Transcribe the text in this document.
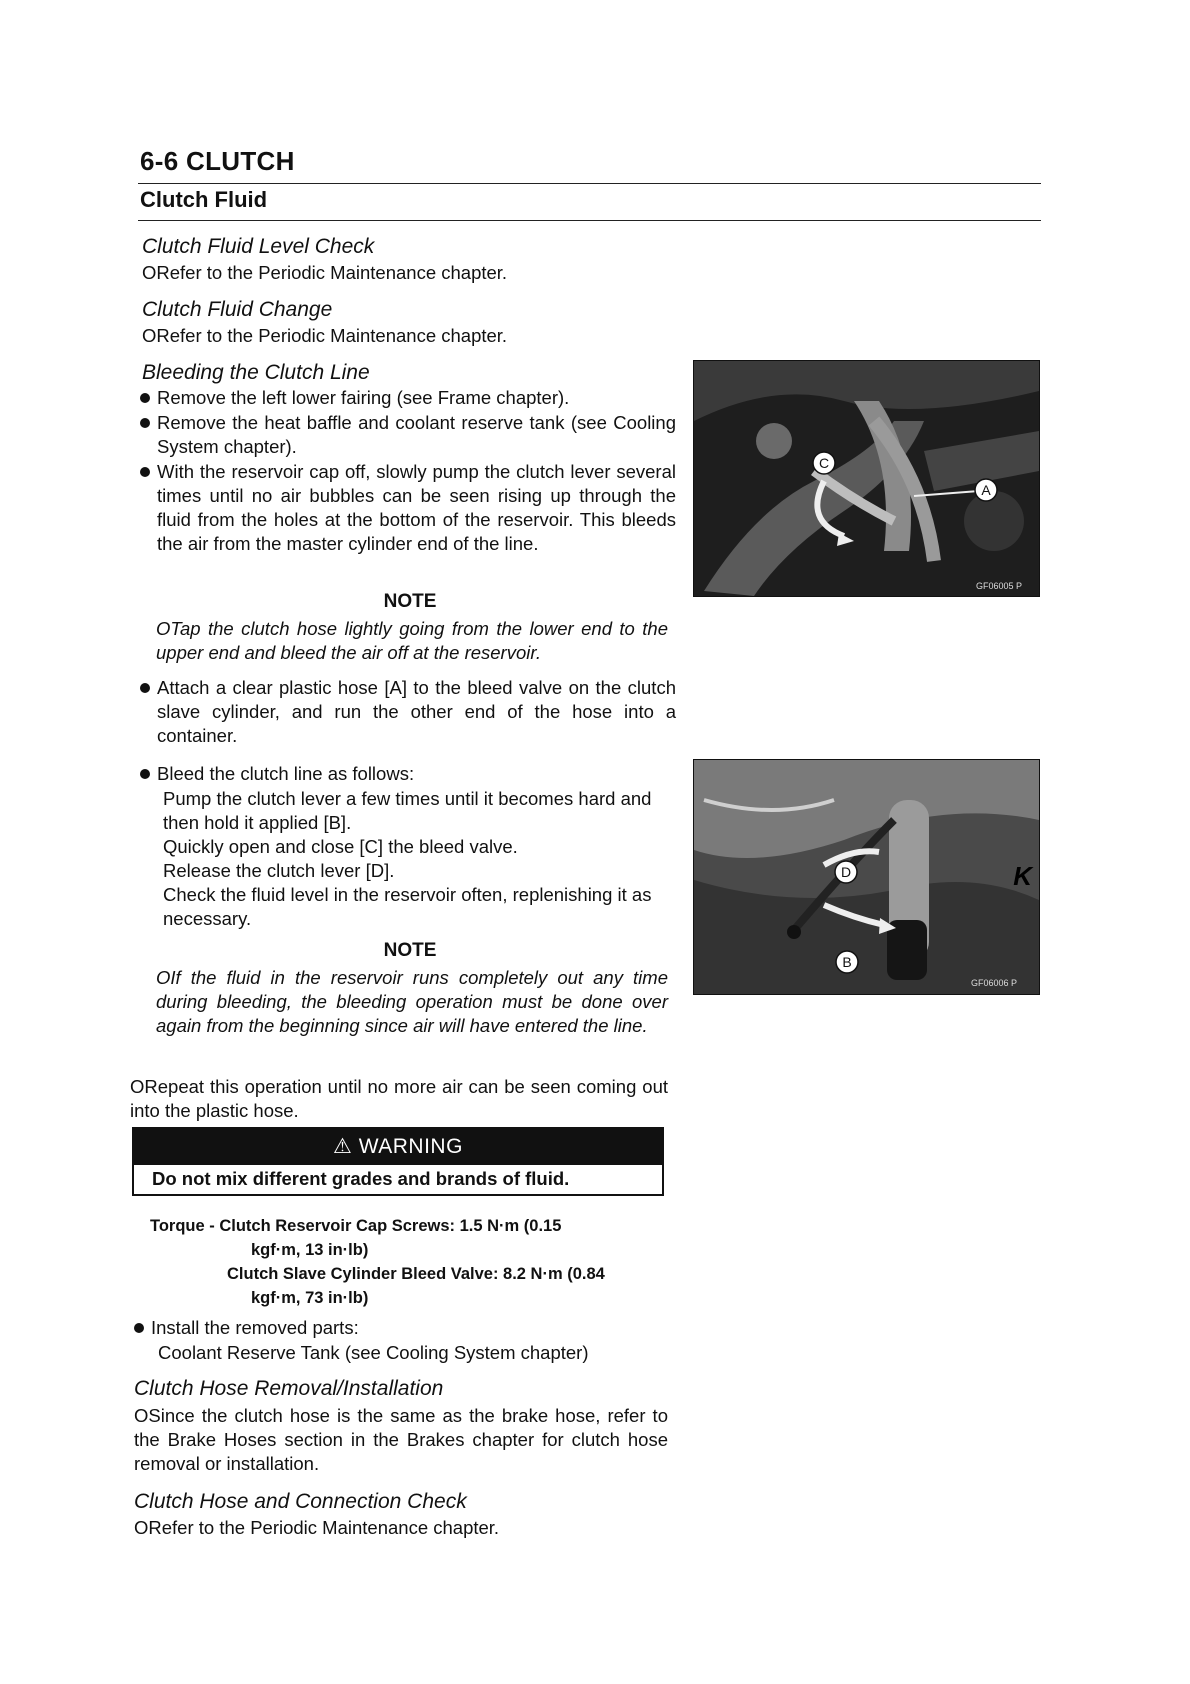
6-6 CLUTCH
Clutch Fluid
Clutch Fluid Level Check
ORefer to the Periodic Maintenance chapter.
Clutch Fluid Change
ORefer to the Periodic Maintenance chapter.
Bleeding the Clutch Line
Remove the left lower fairing (see Frame chapter).
Remove the heat baffle and coolant reserve tank (see Cooling System chapter).
With the reservoir cap off, slowly pump the clutch lever several times until no air bubbles can be seen rising up through the fluid from the holes at the bottom of the reservoir. This bleeds the air from the master cylinder end of the line.
NOTE
OTap the clutch hose lightly going from the lower end to the upper end and bleed the air off at the reservoir.
Attach a clear plastic hose [A] to the bleed valve on the clutch slave cylinder, and run the other end of the hose into a container.
Bleed the clutch line as follows:
Pump the clutch lever a few times until it becomes hard and then hold it applied [B].
Quickly open and close [C] the bleed valve.
Release the clutch lever [D].
Check the fluid level in the reservoir often, replenishing it as necessary.
NOTE
OIf the fluid in the reservoir runs completely out any time during bleeding, the bleeding operation must be done over again from the beginning since air will have entered the line.
ORepeat this operation until no more air can be seen coming out into the plastic hose.
⚠ WARNING
Do not mix different grades and brands of fluid.
Torque - Clutch Reservoir Cap Screws: 1.5 N·m (0.15
kgf·m, 13 in·lb)
Clutch Slave Cylinder Bleed Valve: 8.2 N·m (0.84
kgf·m, 73 in·lb)
Install the removed parts:
Coolant Reserve Tank (see Cooling System chapter)
Clutch Hose Removal/Installation
OSince the clutch hose is the same as the brake hose, refer to the Brake Hoses section in the Brakes chapter for clutch hose removal or installation.
Clutch Hose and Connection Check
ORefer to the Periodic Maintenance chapter.
C
A
GF06005 P
D
B
K
GF06006 P
